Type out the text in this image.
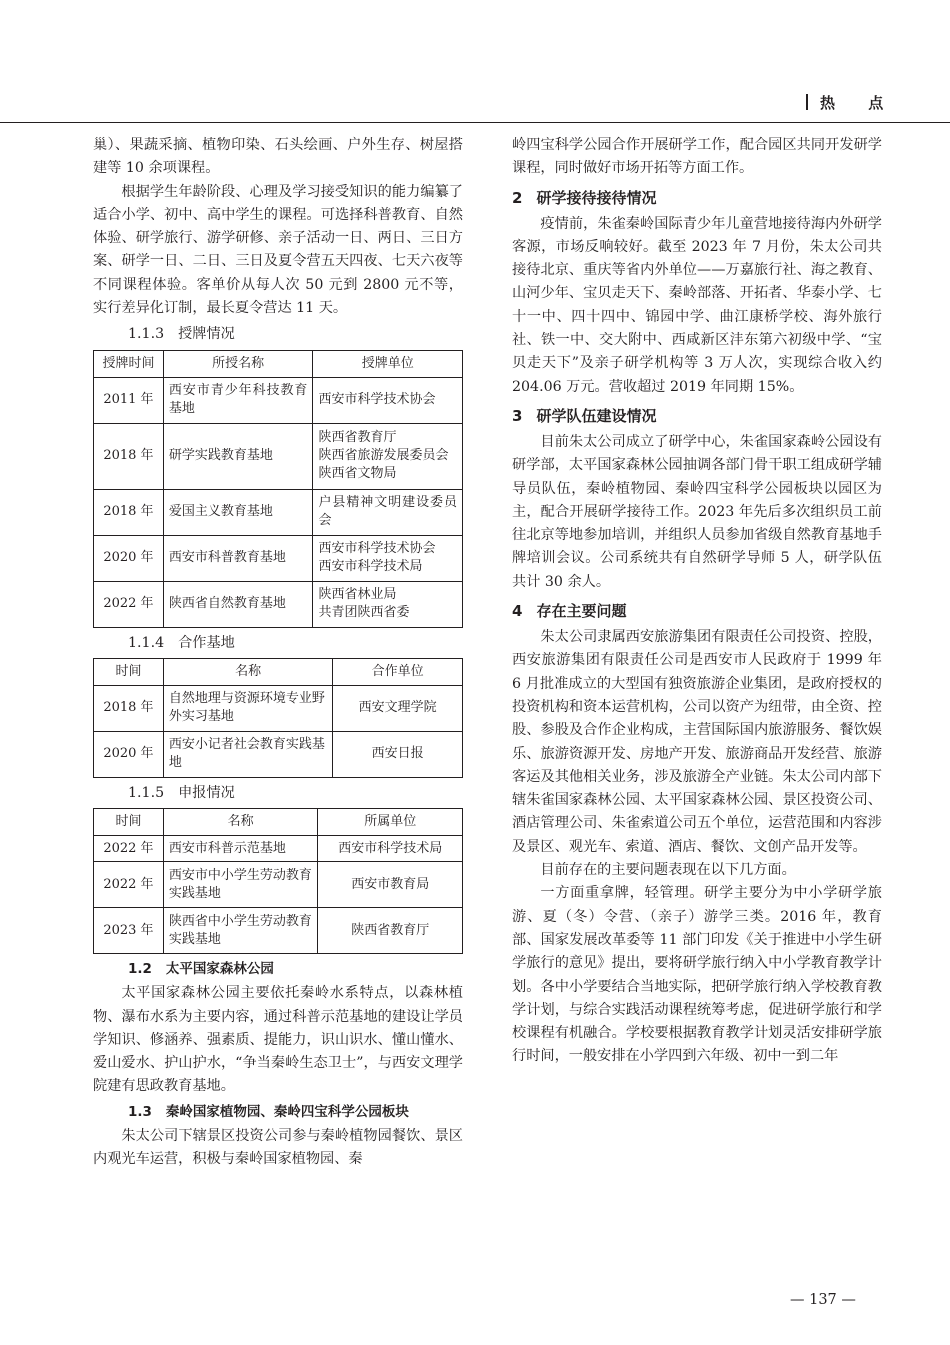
热 点

巢）、果蔬采摘、植物印染、石头绘画、户外生存、树屋搭建等 10 余项课程。

根据学生年龄阶段、心理及学习接受知识的能力编纂了适合小学、初中、高中学生的课程。可选择科普教育、自然体验、研学旅行、游学研修、亲子活动一日、两日、三日方案、研学一日、二日、三日及夏令营五天四夜、七天六夜等不同课程体验。客单价从每人次 50 元到 2800 元不等，实行差异化订制，最长夏令营达 11 天。

1.1.3 授牌情况
授牌时间	所授名称	授牌单位
2011 年	西安市青少年科技教育基地	西安市科学技术协会
2018 年	研学实践教育基地	陕西省教育厅
陕西省旅游发展委员会陕西省文物局

2018 年	爱国主义教育基地	户县精神文明建设委员会
2020 年	西安市科普教育基地	西安市科学技术协会
西安市科学技术局

2022 年	陕西省自然教育基地	陕西省林业局
共青团陕西省委
1.1.4 合作基地
时间	名称	合作单位
2018 年	自然地理与资源环境专业野外实习基地	西安文理学院
2020 年	西安小记者社会教育实践基地	西安日报
1.1.5 申报情况
时间	名称	所属单位
2022 年	西安市科普示范基地	西安市科学技术局
2022 年	西安市中小学生劳动教育实践基地	西安市教育局
2023 年	陕西省中小学生劳动教育实践基地	陕西省教育厅
1.2 太平国家森林公园

太平国家森林公园主要依托秦岭水系特点，以森林植物、瀑布水系为主要内容，通过科普示范基地的建设让学员学知识、修涵养、强素质、提能力，识山识水、懂山懂水、爱山爱水、护山护水，“争当秦岭生态卫士”，与西安文理学院建有思政教育基地。

1.3 秦岭国家植物园、秦岭四宝科学公园板块

朱太公司下辖景区投资公司参与秦岭植物园餐饮、景区内观光车运营，积极与秦岭国家植物园、秦

岭四宝科学公园合作开展研学工作，配合园区共同开发研学课程，同时做好市场开拓等方面工作。

2 研学接待接待情况

疫情前，朱雀秦岭国际青少年儿童营地接待海内外研学客源，市场反响较好。截至 2023 年 7 月份，朱太公司共接待北京、重庆等省内外单位——万嘉旅行社、海之教育、山河少年、宝贝走天下、秦岭部落、开拓者、华泰小学、七十一中、四十四中、锦园中学、曲江康桥学校、海外旅行社、铁一中、交大附中、西咸新区沣东第六初级中学、“宝贝走天下”及亲子研学机构等 3 万人次，实现综合收入约 204.06 万元。营收超过 2019 年同期 15%。

3 研学队伍建设情况

目前朱太公司成立了研学中心，朱雀国家森岭公园设有研学部，太平国家森林公园抽调各部门骨干职工组成研学辅导员队伍，秦岭植物园、秦岭四宝科学公园板块以园区为主，配合开展研学接待工作。2023 年先后多次组织员工前往北京等地参加培训，并组织人员参加省级自然教育基地手牌培训会议。公司系统共有自然研学导师 5 人，研学队伍共计 30 余人。

4 存在主要问题

朱太公司隶属西安旅游集团有限责任公司投资、控股，西安旅游集团有限责任公司是西安市人民政府于 1999 年 6 月批准成立的大型国有独资旅游企业集团，是政府授权的投资机构和资本运营机构，公司以资产为纽带，由全资、控股、参股及合作企业构成，主营国际国内旅游服务、餐饮娱乐、旅游资源开发、房地产开发、旅游商品开发经营、旅游客运及其他相关业务，涉及旅游全产业链。朱太公司内部下辖朱雀国家森林公园、太平国家森林公园、景区投资公司、酒店管理公司、朱雀索道公司五个单位，运营范围和内容涉及景区、观光车、索道、酒店、餐饮、文创产品开发等。

目前存在的主要问题表现在以下几方面。

一方面重拿牌，轻管理。研学主要分为中小学研学旅游、夏（冬）令营、（亲子）游学三类。2016 年，教育部、国家发展改革委等 11 部门印发《关于推进中小学生研学旅行的意见》提出，要将研学旅行纳入中小学教育教学计划。各中小学要结合当地实际，把研学旅行纳入学校教育教学计划，与综合实践活动课程统筹考虑，促进研学旅行和学校课程有机融合。学校要根据教育教学计划灵活安排研学旅行时间，一般安排在小学四到六年级、初中一到二年

— 137 —
